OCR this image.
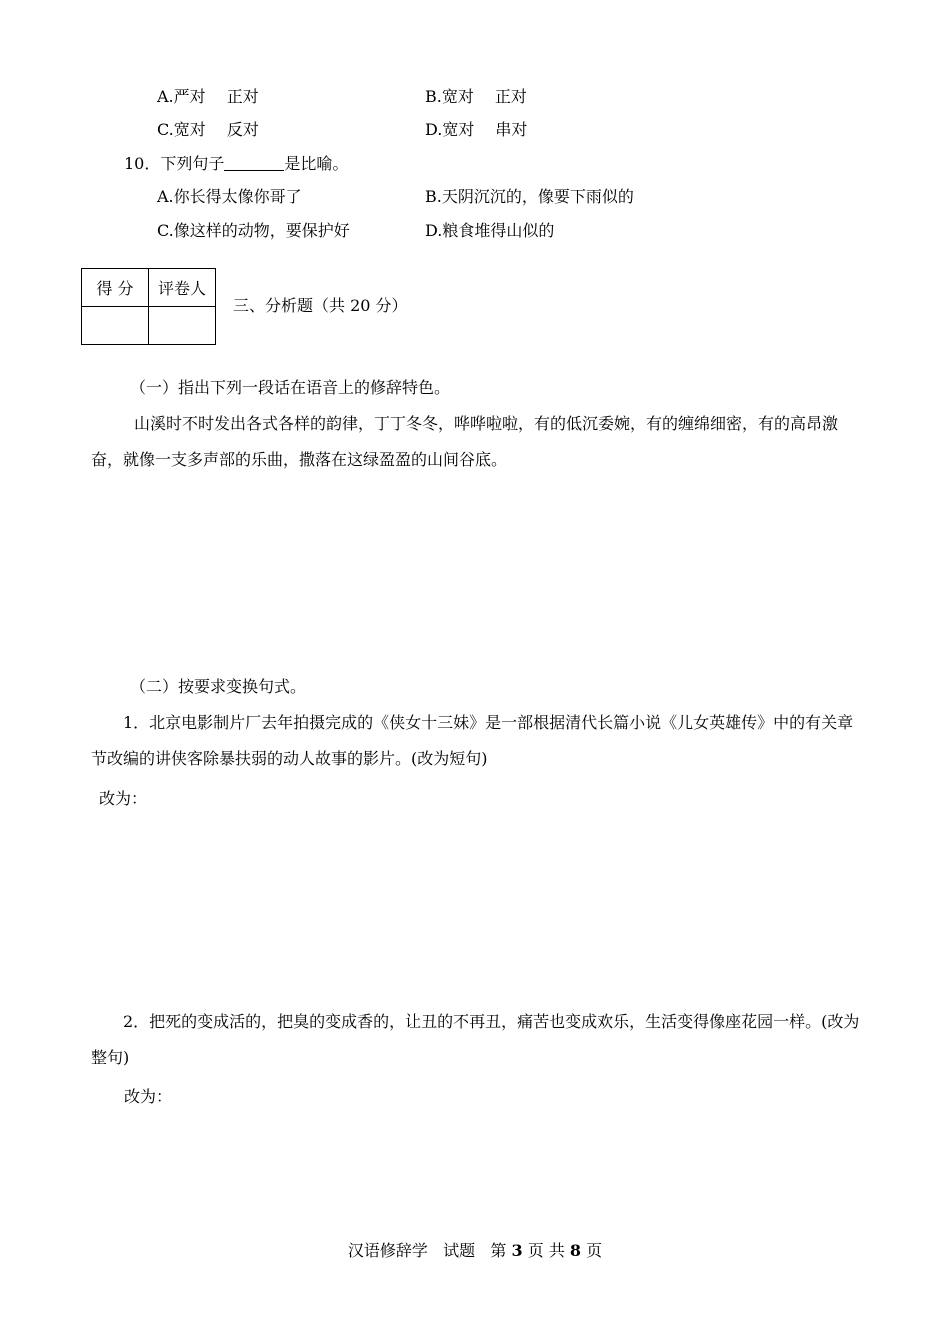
A.严对　 正对	B.宽对　 正对
C.宽对　 反对	D.宽对　 串对
10．下列句子	是比喻。
A.你长得太像你哥了	B.天阴沉沉的，像要下雨似的
C.像这样的动物，要保护好	D.粮食堆得山似的
得 分	评卷人

三、分析题（共 20 分）
（一）指出下列一段话在语音上的修辞特色。
山溪时不时发出各式各样的韵律，丁丁冬冬，哗哗啦啦，有的低沉委婉，有的缠绵细密，有的高昂激奋，就像一支多声部的乐曲，撒落在这绿盈盈的山间谷底。
（二）按要求变换句式。
1．北京电影制片厂去年拍摄完成的《侠女十三妹》是一部根据清代长篇小说《儿女英雄传》中的有关章节改编的讲侠客除暴扶弱的动人故事的影片。(改为短句)
改为：
2．把死的变成活的，把臭的变成香的，让丑的不再丑，痛苦也变成欢乐，生活变得像座花园一样。(改为整句)
改为：
汉语修辞学 试题 第 3 页 共 8 页
